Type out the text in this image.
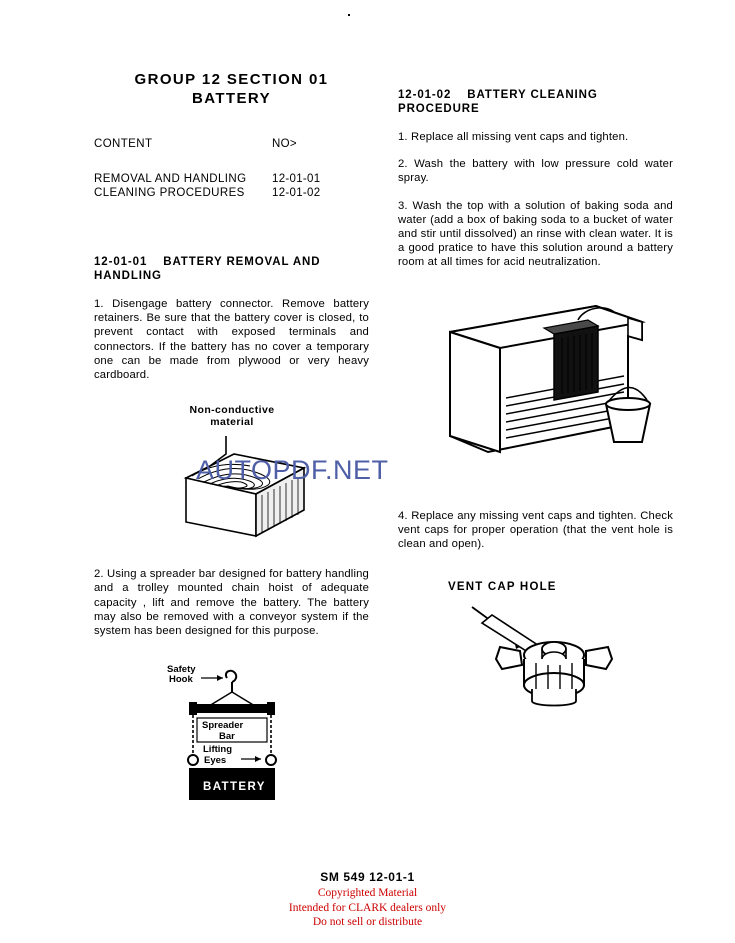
GROUP 12 SECTION 01
BATTERY
CONTENT	NO>
REMOVAL AND HANDLING	12-01-01
CLEANING PROCEDURES	12-01-02
12-01-01 BATTERY REMOVAL AND
HANDLING

1. Disengage battery connector. Remove battery retainers. Be sure that the battery cover is closed, to prevent contact with exposed terminals and connectors. If the battery has no cover a temporary one can be made from plywood or very heavy cardboard.

Non-conductive
material

2. Using a spreader bar designed for battery handling and a trolley mounted chain hoist of adequate capacity , lift and remove the battery. The battery may also be removed with a conveyor system if the system has been designed for this purpose.

Safety
Hook
Spreader
Bar
Lifting
Eyes
BATTERY
12-01-02 BATTERY CLEANING
PROCEDURE

1. Replace all missing vent caps and tighten.

2. Wash the battery with low pressure cold water spray.

3. Wash the top with a solution of baking soda and water (add a box of baking soda to a bucket of water and stir until dissolved) an rinse with clean water. It is a good pratice to have this solution around a battery room at all times for acid neutralization.

4. Replace any missing vent caps and tighten. Check vent caps for proper operation (that the vent hole is clean and open).

VENT CAP HOLE
SM 549 12-01-1
Copyrighted Material
Intended for CLARK dealers only
Do not sell or distribute
AUTOPDF.NET
